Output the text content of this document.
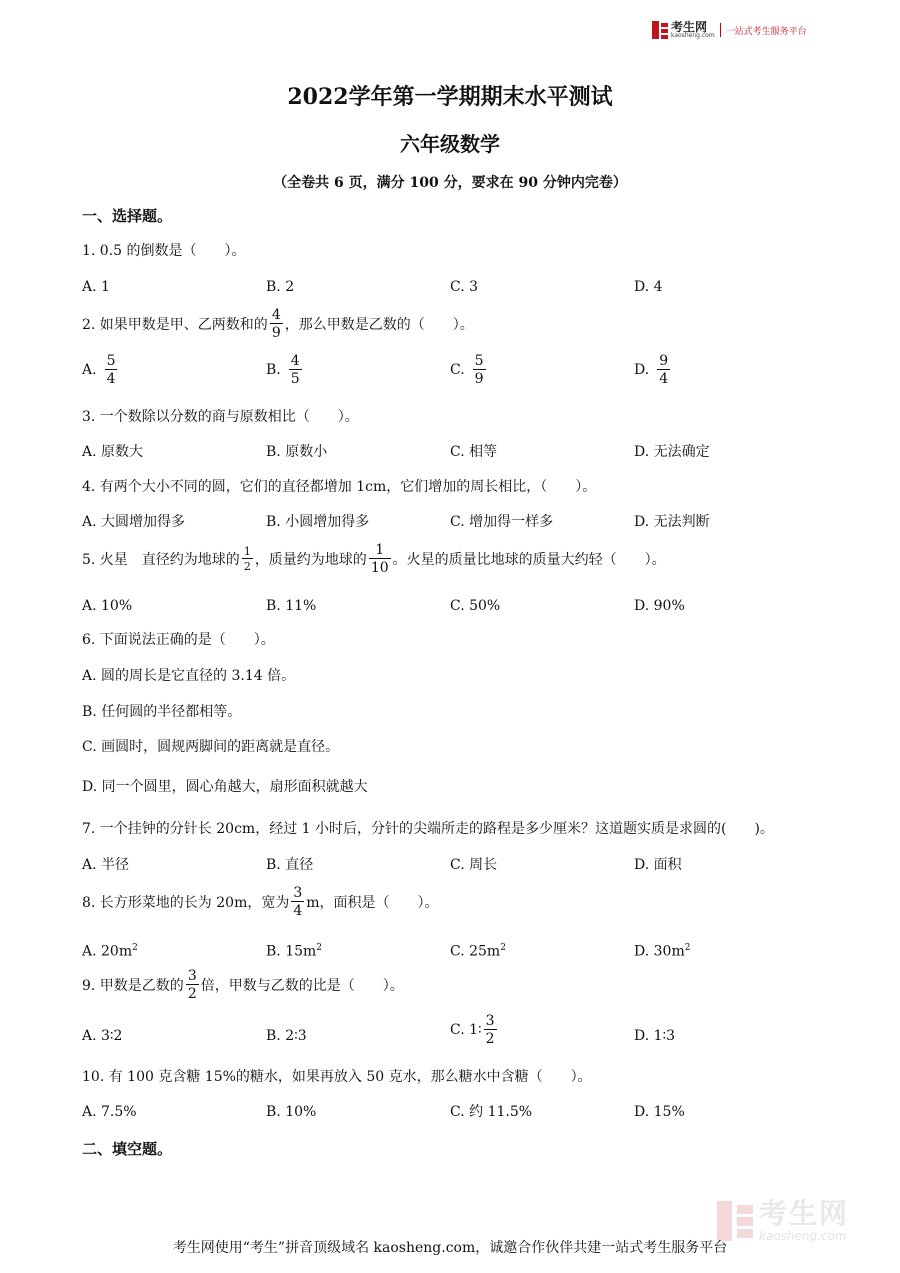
考生网
kaosheng.com 一站式考生服务平台
2022学年第一学期期末水平测试
六年级数学
（全卷共 6 页，满分 100 分，要求在 90 分钟内完卷）
一、选择题。
1. 0.5 的倒数是（　　）。
A. 1	B. 2	C. 3	D. 4
2. 如果甲数是甲、乙两数和的 $\frac{4}{9}$ ，那么甲数是乙数的（　　）。
A. $\frac{5}{4}$	B. $\frac{4}{5}$	C. $\frac{5}{9}$	D. $\frac{9}{4}$
3. 一个数除以分数的商与原数相比（　　）。
A. 原数大	B. 原数小	C. 相等	D. 无法确定
4. 有两个大小不同的圆，它们的直径都增加 1cm，它们增加的周长相比，（　　）。
A. 大圆增加得多	B. 小圆增加得多	C. 增加得一样多	D. 无法判断
5. 火星　直径约为地球的 $\frac{1}{2}$ ，质量约为地球的 $\frac{1}{10}$ 。火星的质量比地球的质量大约轻（　　）。
A. 10%	B. 11%	C. 50%	D. 90%
6. 下面说法正确的是（　　）。
A. 圆的周长是它直径的 3.14 倍。
B. 任何圆的半径都相等。
C. 画圆时，圆规两脚间的距离就是直径。
D. 同一个圆里，圆心角越大，扇形面积就越大
7. 一个挂钟的分针长 20cm，经过 1 小时后，分针的尖端所走的路程是多少厘米？这道题实质是求圆的(　　)。
A. 半径	B. 直径	C. 周长	D. 面积
8. 长方形菜地的长为 20m，宽为 $\frac{3}{4}$ m，面积是（　　）。
A. $20m^2$	B. $15m^2$	C. $25m^2$	D. $30m^2$
9. 甲数是乙数的 $\frac{3}{2}$ 倍，甲数与乙数的比是（　　）。
A. 3∶2	B. 2∶3	C. 1∶ $\frac{3}{2}$	D. 1∶3
10. 有 100 克含糖 15%的糖水，如果再放入 50 克水，那么糖水中含糖（　　）。
A. 7.5%	B. 10%	C. 约 11.5%	D. 15%
二、填空题。
考生网
kaosheng.com
考生网使用“考生”拼音顶级域名 kaosheng.com，诚邀合作伙伴共建一站式考生服务平台
